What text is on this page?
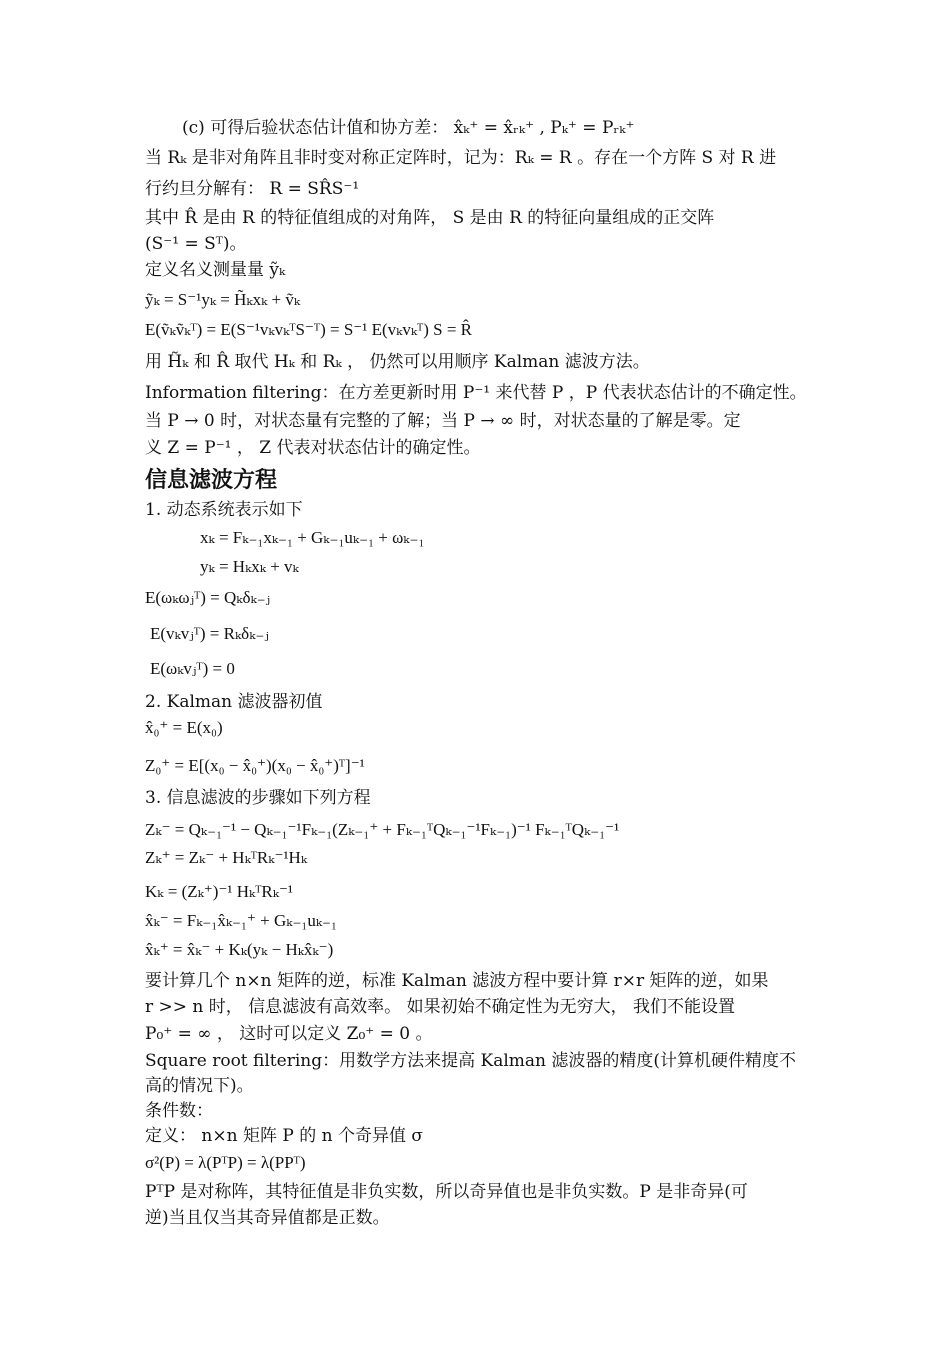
(c) 可得后验状态估计值和协方差： x̂ₖ⁺ = x̂ᵣₖ⁺ , Pₖ⁺ = Pᵣₖ⁺
当 Rₖ 是非对角阵且非时变对称正定阵时，记为：Rₖ = R 。存在一个方阵 S 对 R 进
行约旦分解有： R = SR̂S⁻¹
其中 R̂ 是由 R 的特征值组成的对角阵， S 是由 R 的特征向量组成的正交阵
(S⁻¹ = Sᵀ)。
定义名义测量量 ỹₖ
ỹₖ = S⁻¹yₖ = H̃ₖxₖ + ṽₖ
E(ṽₖṽₖᵀ) = E(S⁻¹vₖvₖᵀS⁻ᵀ) = S⁻¹ E(vₖvₖᵀ) S = R̂
用 H̃ₖ 和 R̂ 取代 Hₖ 和 Rₖ ， 仍然可以用顺序 Kalman 滤波方法。
Information filtering：在方差更新时用 P⁻¹ 来代替 P ，P 代表状态估计的不确定性。
当 P → 0 时，对状态量有完整的了解；当 P → ∞ 时，对状态量的了解是零。定
义 Z = P⁻¹ ， Z 代表对状态估计的确定性。
信息滤波方程
1. 动态系统表示如下
xₖ = Fₖ₋₁xₖ₋₁ + Gₖ₋₁uₖ₋₁ + ωₖ₋₁
yₖ = Hₖxₖ + vₖ
E(ωₖωⱼᵀ) = Qₖδₖ₋ⱼ
E(vₖvⱼᵀ) = Rₖδₖ₋ⱼ
E(ωₖvⱼᵀ) = 0
2. Kalman 滤波器初值
x̂₀⁺ = E(x₀)
Z₀⁺ = E[(x₀ − x̂₀⁺)(x₀ − x̂₀⁺)ᵀ]⁻¹
3. 信息滤波的步骤如下列方程
Zₖ⁻ = Qₖ₋₁⁻¹ − Qₖ₋₁⁻¹Fₖ₋₁(Zₖ₋₁⁺ + Fₖ₋₁ᵀQₖ₋₁⁻¹Fₖ₋₁)⁻¹ Fₖ₋₁ᵀQₖ₋₁⁻¹
Zₖ⁺ = Zₖ⁻ + HₖᵀRₖ⁻¹Hₖ
Kₖ = (Zₖ⁺)⁻¹ HₖᵀRₖ⁻¹
x̂ₖ⁻ = Fₖ₋₁x̂ₖ₋₁⁺ + Gₖ₋₁uₖ₋₁
x̂ₖ⁺ = x̂ₖ⁻ + Kₖ(yₖ − Hₖx̂ₖ⁻)
要计算几个 n×n 矩阵的逆，标准 Kalman 滤波方程中要计算 r×r 矩阵的逆，如果
r >> n 时， 信息滤波有高效率。 如果初始不确定性为无穷大， 我们不能设置
P₀⁺ = ∞ ， 这时可以定义 Z₀⁺ = 0 。
Square root filtering：用数学方法来提高 Kalman 滤波器的精度(计算机硬件精度不
高的情况下)。
条件数：
定义： n×n 矩阵 P 的 n 个奇异值 σ
σ²(P) = λ(PᵀP) = λ(PPᵀ)
PᵀP 是对称阵，其特征值是非负实数，所以奇异值也是非负实数。P 是非奇异(可
逆)当且仅当其奇异值都是正数。
